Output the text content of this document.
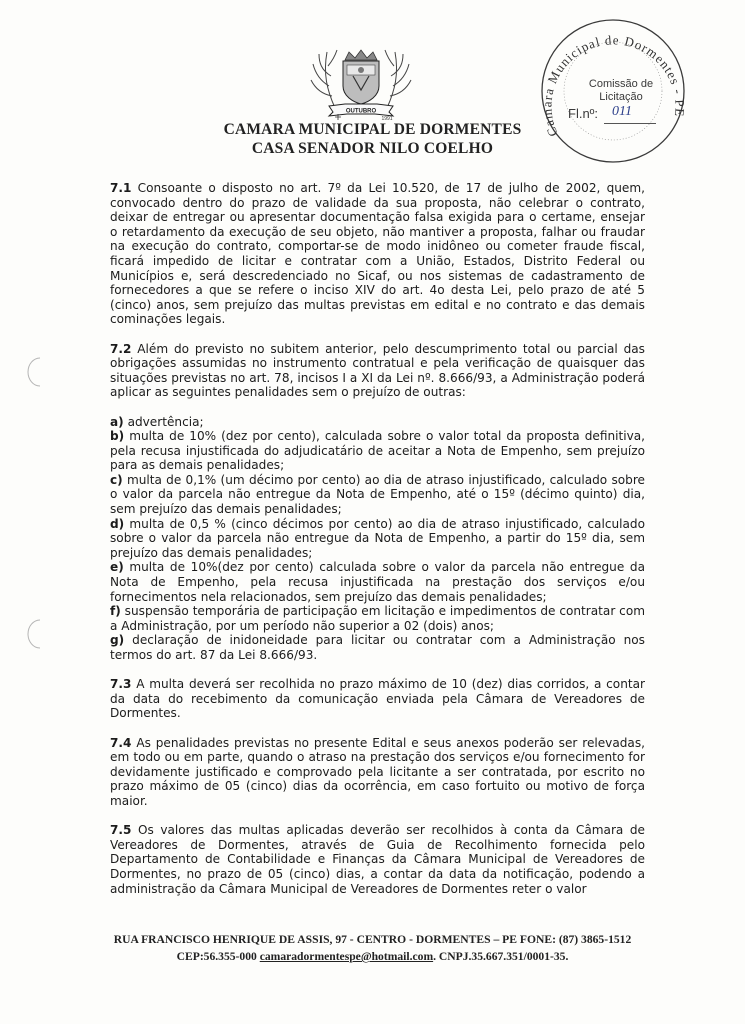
OUTUBRO
1991
CAMARA MUNICIPAL DE DORMENTES
CASA SENADOR NILO COELHO
Camara Municipal de Dormentes - PE
Comissão de
Licitação
Fl.nº: 011

7.1 Consoante o disposto no art. 7º da Lei 10.520, de 17 de julho de 2002, quem, convocado dentro do prazo de validade da sua proposta, não celebrar o contrato, deixar de entregar ou apresentar documentação falsa exigida para o certame, ensejar o retardamento da execução de seu objeto, não mantiver a proposta, falhar ou fraudar na execução do contrato, comportar-se de modo inidôneo ou cometer fraude fiscal, ficará impedido de licitar e contratar com a União, Estados, Distrito Federal ou Municípios e, será descredenciado no Sicaf, ou nos sistemas de cadastramento de fornecedores a que se refere o inciso XIV do art. 4o desta Lei, pelo prazo de até 5 (cinco) anos, sem prejuízo das multas previstas em edital e no contrato e das demais cominações legais.

7.2 Além do previsto no subitem anterior, pelo descumprimento total ou parcial das obrigações assumidas no instrumento contratual e pela verificação de quaisquer das situações previstas no art. 78, incisos I a XI da Lei nº. 8.666/93, a Administração poderá aplicar as seguintes penalidades sem o prejuízo de outras:

a) advertência;
b) multa de 10% (dez por cento), calculada sobre o valor total da proposta definitiva, pela recusa injustificada do adjudicatário de aceitar a Nota de Empenho, sem prejuízo para as demais penalidades;
c) multa de 0,1% (um décimo por cento) ao dia de atraso injustificado, calculado sobre o valor da parcela não entregue da Nota de Empenho, até o 15º (décimo quinto) dia, sem prejuízo das demais penalidades;
d) multa de 0,5 % (cinco décimos por cento) ao dia de atraso injustificado, calculado sobre o valor da parcela não entregue da Nota de Empenho, a partir do 15º dia, sem prejuízo das demais penalidades;
e) multa de 10%(dez por cento) calculada sobre o valor da parcela não entregue da Nota de Empenho, pela recusa injustificada na prestação dos serviços e/ou fornecimentos nela relacionados, sem prejuízo das demais penalidades;
f) suspensão temporária de participação em licitação e impedimentos de contratar com a Administração, por um período não superior a 02 (dois) anos;
g) declaração de inidoneidade para licitar ou contratar com a Administração nos termos do art. 87 da Lei 8.666/93.

7.3 A multa deverá ser recolhida no prazo máximo de 10 (dez) dias corridos, a contar da data do recebimento da comunicação enviada pela Câmara de Vereadores de Dormentes.

7.4 As penalidades previstas no presente Edital e seus anexos poderão ser relevadas, em todo ou em parte, quando o atraso na prestação dos serviços e/ou fornecimento for devidamente justificado e comprovado pela licitante a ser contratada, por escrito no prazo máximo de 05 (cinco) dias da ocorrência, em caso fortuito ou motivo de força maior.

7.5 Os valores das multas aplicadas deverão ser recolhidos à conta da Câmara de Vereadores de Dormentes, através de Guia de Recolhimento fornecida pelo Departamento de Contabilidade e Finanças da Câmara Municipal de Vereadores de Dormentes, no prazo de 05 (cinco) dias, a contar da data da notificação, podendo a administração da Câmara Municipal de Vereadores de Dormentes reter o valor

RUA FRANCISCO HENRIQUE DE ASSIS, 97 - CENTRO - DORMENTES – PE FONE: (87) 3865-1512
CEP:56.355-000 camaradormentespe@hotmail.com. CNPJ.35.667.351/0001-35.
